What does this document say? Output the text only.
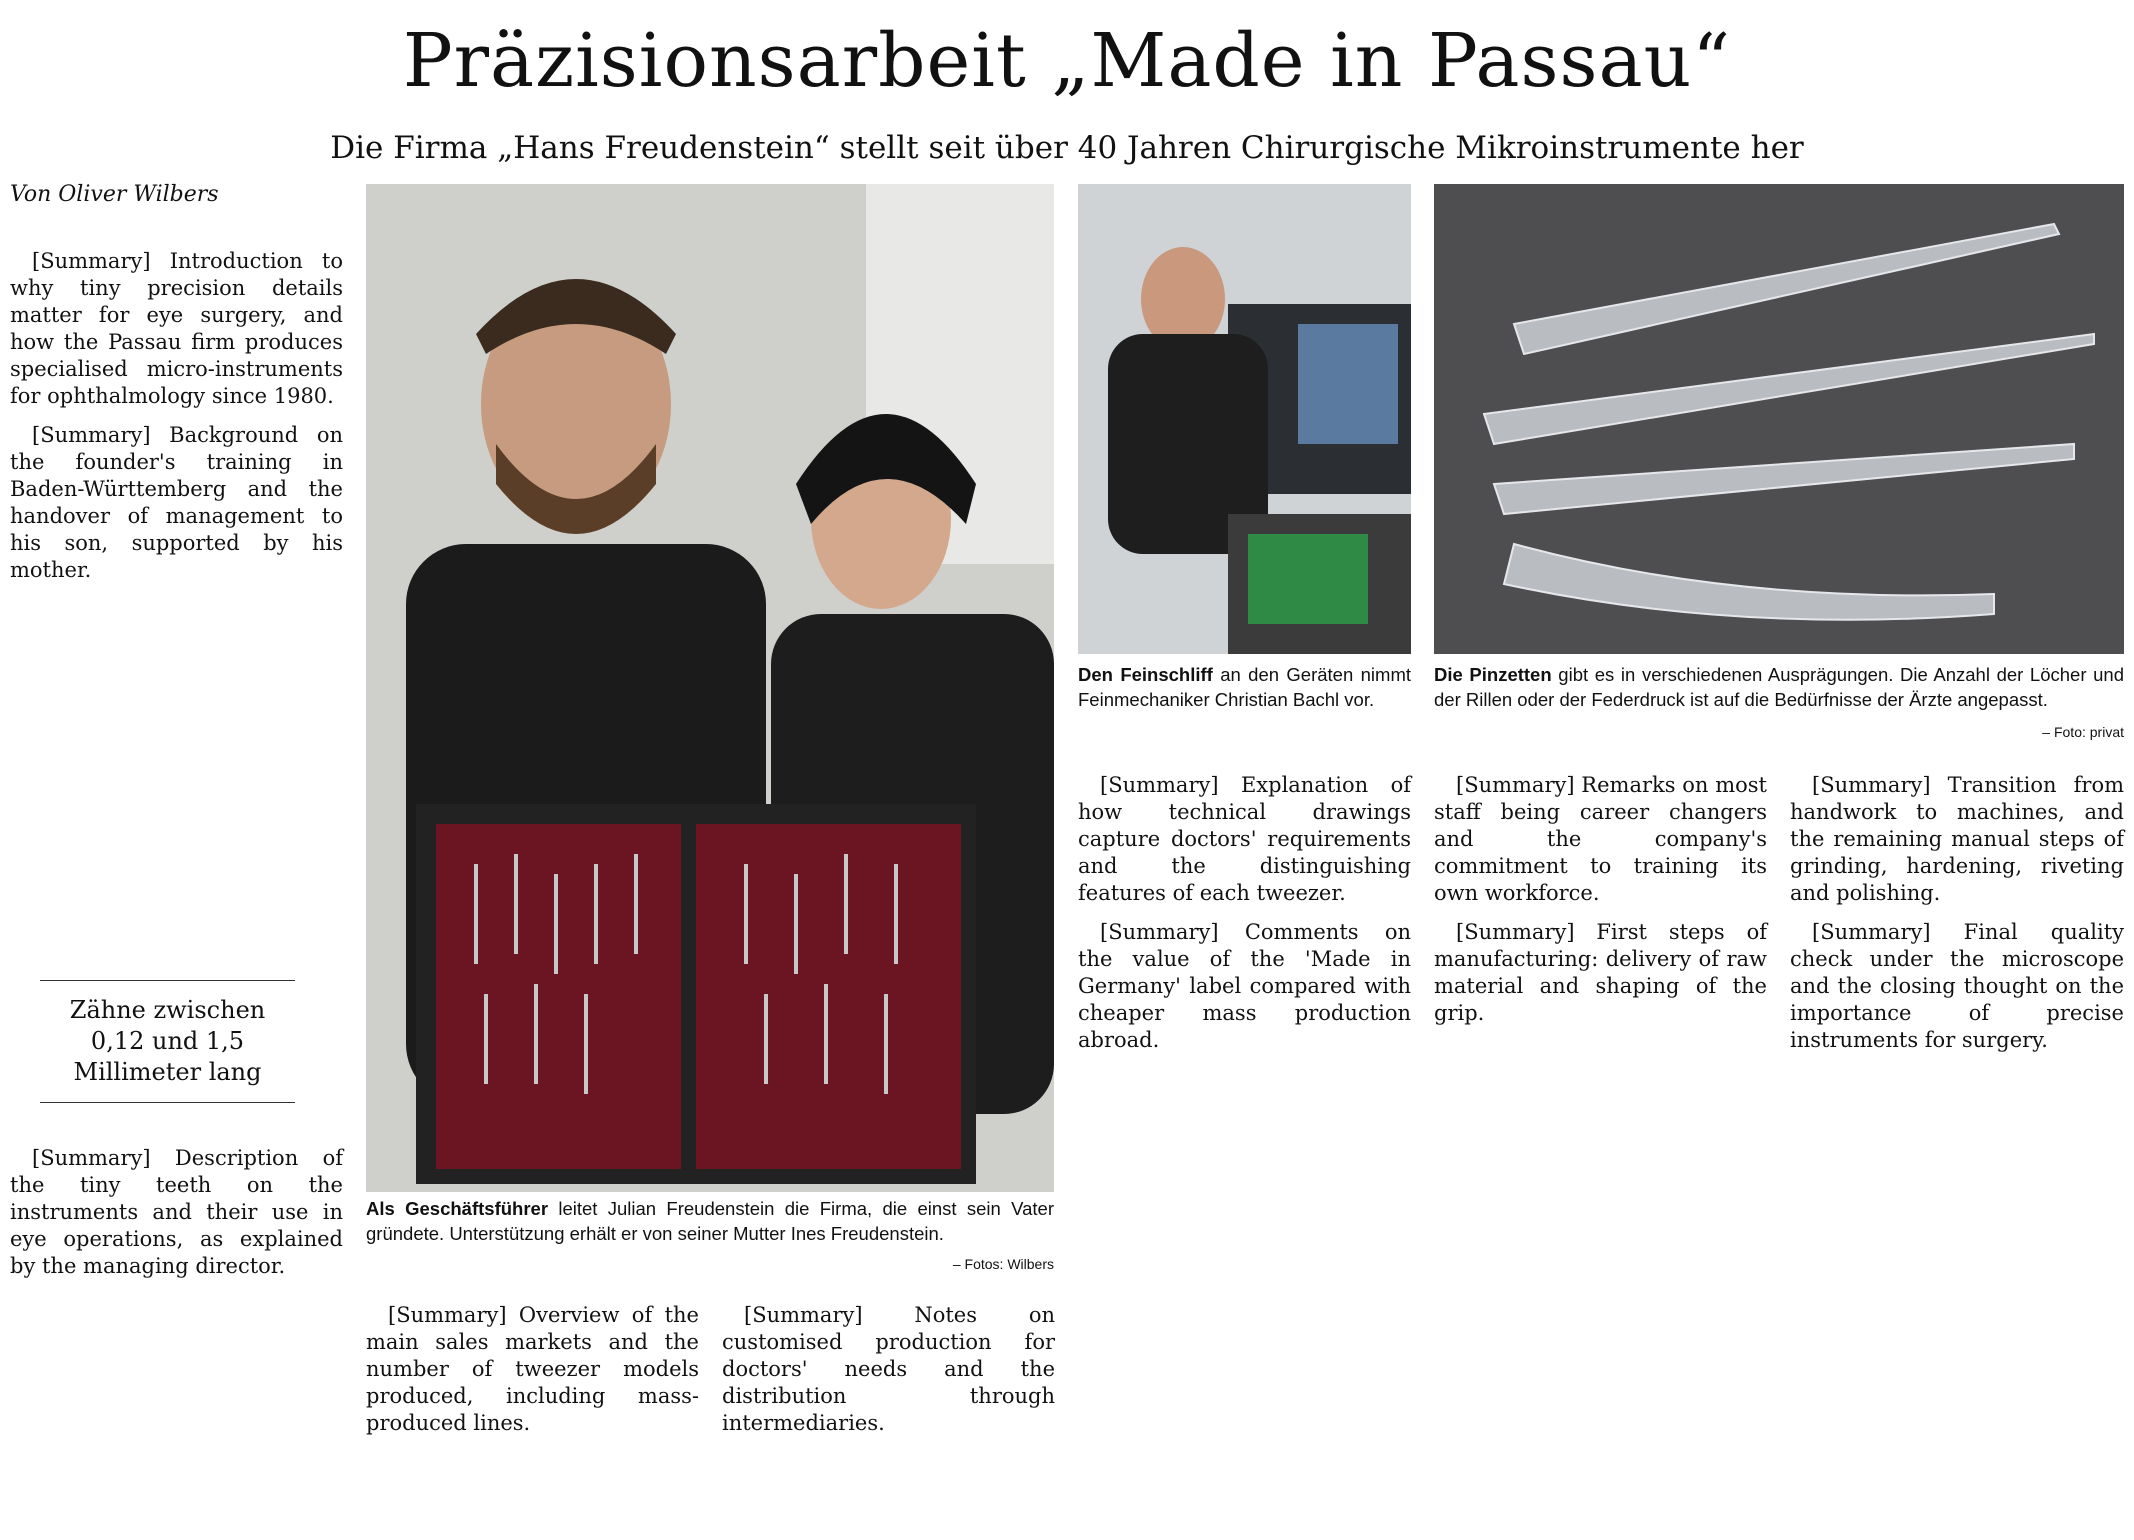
Präzisionsarbeit „Made in Passau“
Die Firma „Hans Freudenstein“ stellt seit über 40 Jahren Chirurgische Mikroinstrumente her
Von Oliver Wilbers

[Summary] Introduction to why tiny precision details matter for eye surgery, and how the Passau firm produces specialised micro-instruments for ophthalmology since 1980.

[Summary] Background on the founder's training in Baden-Württemberg and the handover of management to his son, supported by his mother.

Zähne zwischen 0,12 und 1,5 Millimeter lang

[Summary] Description of the tiny teeth on the instruments and their use in eye operations, as explained by the managing director.

Als Geschäftsführer leitet Julian Freudenstein die Firma, die einst sein Vater gründete. Unterstützung erhält er von seiner Mutter Ines Freudenstein.
– Fotos: Wilbers
Den Feinschliff an den Geräten nimmt Feinmechaniker Christian Bachl vor.
Die Pinzetten gibt es in verschiedenen Ausprägungen. Die Anzahl der Löcher und der Rillen oder der Federdruck ist auf die Bedürfnisse der Ärzte angepasst.
– Foto: privat

[Summary] Overview of the main sales markets and the number of tweezer models produced, including mass-produced lines.

[Summary] Notes on customised production for doctors' needs and the distribution through intermediaries.

[Summary] Explanation of how technical drawings capture doctors' requirements and the distinguishing features of each tweezer.

[Summary] Comments on the value of the 'Made in Germany' label compared with cheaper mass production abroad.

[Summary] Remarks on most staff being career changers and the company's commitment to training its own workforce.

[Summary] First steps of manufacturing: delivery of raw material and shaping of the grip.

[Summary] Transition from handwork to machines, and the remaining manual steps of grinding, hardening, riveting and polishing.

[Summary] Final quality check under the microscope and the closing thought on the importance of precise instruments for surgery.
